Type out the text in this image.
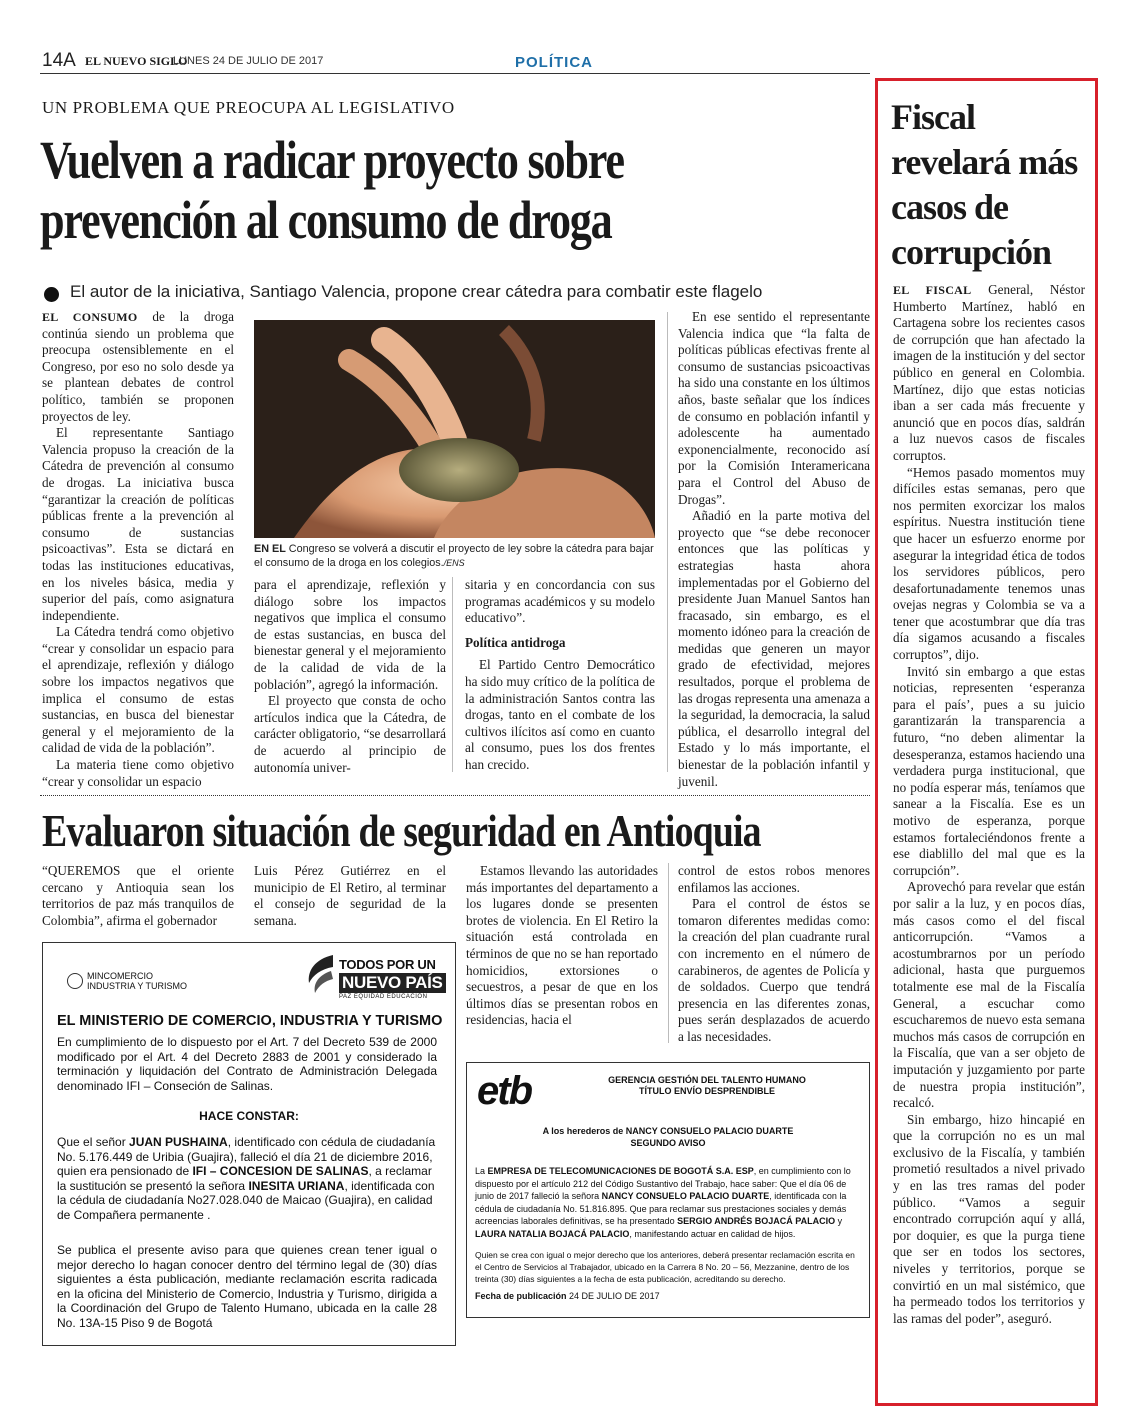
14A EL NUEVO SIGLO
LUNES 24 DE JULIO DE 2017	POLÍTICA
UN PROBLEMA QUE PREOCUPA AL LEGISLATIVO
Vuelven a radicar proyecto sobre
prevención al consumo de droga
El autor de la iniciativa, Santiago Valencia, propone crear cátedra para combatir este flagelo

EL CONSUMO de la droga continúa siendo un problema que preocupa ostensiblemente en el Congreso, por eso no solo desde ya se plantean debates de control político, también se proponen proyectos de ley.

El representante Santiago Valencia propuso la creación de la Cátedra de prevención al consumo de drogas. La iniciativa busca “garantizar la creación de políticas públicas frente a la prevención al consumo de sustancias psicoactivas”. Esta se dictará en todas las instituciones educativas, en los niveles básica, media y superior del país, como asignatura independiente.

La Cátedra tendrá como objetivo “crear y consolidar un espacio para el aprendizaje, reflexión y diálogo sobre los impactos negativos que implica el consumo de estas sustancias, en busca del bienestar general y el mejoramiento de la calidad de vida de la población”.

La materia tiene como objetivo “crear y consolidar un espacio

EN EL Congreso se volverá a discutir el proyecto de ley sobre la cátedra para bajar el consumo de la droga en los colegios./ENS

para el aprendizaje, reflexión y diálogo sobre los impactos negativos que implica el consumo de estas sustancias, en busca del bienestar general y el mejoramiento de la calidad de vida de la población”, agregó la información.

El proyecto que consta de ocho artículos indica que la Cátedra, de carácter obligatorio, “se desarrollará de acuerdo al principio de autonomía univer-

sitaria y en concordancia con sus programas académicos y su modelo educativo”.

Política antidroga

El Partido Centro Democrático ha sido muy crítico de la política de la administración Santos contra las drogas, tanto en el combate de los cultivos ilícitos así como en cuanto al consumo, pues los dos frentes han crecido.

En ese sentido el representante Valencia indica que “la falta de políticas públicas efectivas frente al consumo de sustancias psicoactivas ha sido una constante en los últimos años, baste señalar que los índices de consumo en población infantil y adolescente ha aumentado exponencialmente, reconocido así por la Comisión Interamericana para el Control del Abuso de Drogas”.

Añadió en la parte motiva del proyecto que “se debe reconocer entonces que las políticas y estrategias hasta ahora implementadas por el Gobierno del presidente Juan Manuel Santos han fracasado, sin embargo, es el momento idóneo para la creación de medidas que generen un mayor grado de efectividad, mejores resultados, porque el problema de las drogas representa una amenaza a la seguridad, la democracia, la salud pública, el desarrollo integral del Estado y lo más importante, el bienestar de la población infantil y juvenil.

Fiscal revelará más casos de corrupción

EL FISCAL General, Néstor Humberto Martínez, habló en Cartagena sobre los recientes casos de corrupción que han afectado la imagen de la institución y del sector público en general en Colombia. Martínez, dijo que estas noticias iban a ser cada más frecuente y anunció que en pocos días, saldrán a luz nuevos casos de fiscales corruptos.

“Hemos pasado momentos muy difíciles estas semanas, pero que nos permiten exorcizar los malos espíritus. Nuestra institución tiene que hacer un esfuerzo enorme por asegurar la integridad ética de todos los servidores públicos, pero desafortunadamente tenemos unas ovejas negras y Colombia se va a tener que acostumbrar que día tras día sigamos acusando a fiscales corruptos”, dijo.

Invitó sin embargo a que estas noticias, representen ‘esperanza para el país’, pues a su juicio garantizarán la transparencia a futuro, “no deben alimentar la desesperanza, estamos haciendo una verdadera purga institucional, que no podía esperar más, teníamos que sanear a la Fiscalía. Ese es un motivo de esperanza, porque estamos fortaleciéndonos frente a ese diablillo del mal que es la corrupción”.

Aprovechó para revelar que están por salir a la luz, y en pocos días, más casos como el del fiscal anticorrupción. “Vamos a acostumbrarnos por un período adicional, hasta que purguemos totalmente ese mal de la Fiscalía General, a escuchar como escucharemos de nuevo esta semana muchos más casos de corrupción en la Fiscalía, que van a ser objeto de imputación y juzgamiento por parte de nuestra propia institución”, recalcó.

Sin embargo, hizo hincapié en que la corrupción no es un mal exclusivo de la Fiscalía, y también prometió resultados a nivel privado y en las tres ramas del poder público. “Vamos a seguir encontrado corrupción aquí y allá, por doquier, es que la purga tiene que ser en todos los sectores, niveles y territorios, porque se convirtió en un mal sistémico, que ha permeado todos los territorios y las ramas del poder”, aseguró.

Evaluaron situación de seguridad en Antioquia

“QUEREMOS que el oriente cercano y Antioquia sean los territorios de paz más tranquilos de Colombia”, afirma el gobernador

Luis Pérez Gutiérrez en el municipio de El Retiro, al terminar el consejo de seguridad de la semana.

Estamos llevando las autoridades más importantes del departamento a los lugares donde se presenten brotes de violencia. En El Retiro la situación está controlada en términos de que no se han reportado homicidios, extorsiones o secuestros, a pesar de que en los últimos días se presentan robos en residencias, hacia el

control de estos robos menores enfilamos las acciones.

Para el control de éstos se tomaron diferentes medidas como: la creación del plan cuadrante rural con incremento en el número de carabineros, de agentes de Policía y de soldados. Cuerpo que tendrá presencia en las diferentes zonas, pues serán desplazados de acuerdo a las necesidades.

MINCOMERCIO
INDUSTRIA Y TURISMO
TODOS POR UN
NUEVO PAÍS
PAZ EQUIDAD EDUCACIÓN
EL MINISTERIO DE COMERCIO, INDUSTRIA Y TURISMO
En cumplimiento de lo dispuesto por el Art. 7 del Decreto 539 de 2000 modificado por el Art. 4 del Decreto 2883 de 2001 y considerado la terminación y liquidación del Contrato de Administración Delegada denominado IFI – Conseción de Salinas.
HACE CONSTAR:
Que el señor JUAN PUSHAINA, identificado con cédula de ciudadanía No. 5.176.449 de Uribia (Guajira), falleció el día 21 de diciembre 2016, quien era pensionado de IFI – CONCESION DE SALINAS, a reclamar la sustitución se presentó la señora INESITA URIANA, identificada con la cédula de ciudadanía No27.028.040 de Maicao (Guajira), en calidad de Compañera permanente .
Se publica el presente aviso para que quienes crean tener igual o mejor derecho lo hagan conocer dentro del término legal de (30) días siguientes a ésta publicación, mediante reclamación escrita radicada en la oficina del Ministerio de Comercio, Industria y Turismo, dirigida a la Coordinación del Grupo de Talento Humano, ubicada en la calle 28 No. 13A-15 Piso 9 de Bogotá
etb	GERENCIA GESTIÓN DEL TALENTO HUMANO
TÍTULO ENVÍO DESPRENDIBLE
A los herederos de NANCY CONSUELO PALACIO DUARTE
SEGUNDO AVISO
La EMPRESA DE TELECOMUNICACIONES DE BOGOTÁ S.A. ESP, en cumplimiento con lo dispuesto por el artículo 212 del Código Sustantivo del Trabajo, hace saber: Que el día 06 de junio de 2017 falleció la señora NANCY CONSUELO PALACIO DUARTE, identificada con la cédula de ciudadanía No. 51.816.895. Que para reclamar sus prestaciones sociales y demás acreencias laborales definitivas, se ha presentado SERGIO ANDRÉS BOJACÁ PALACIO y LAURA NATALIA BOJACÁ PALACIO, manifestando actuar en calidad de hijos.
Quien se crea con igual o mejor derecho que los anteriores, deberá presentar reclamación escrita en el Centro de Servicios al Trabajador, ubicado en la Carrera 8 No. 20 – 56, Mezzanine, dentro de los treinta (30) días siguientes a la fecha de esta publicación, acreditando su derecho.
Fecha de publicación 24 DE JULIO DE 2017
